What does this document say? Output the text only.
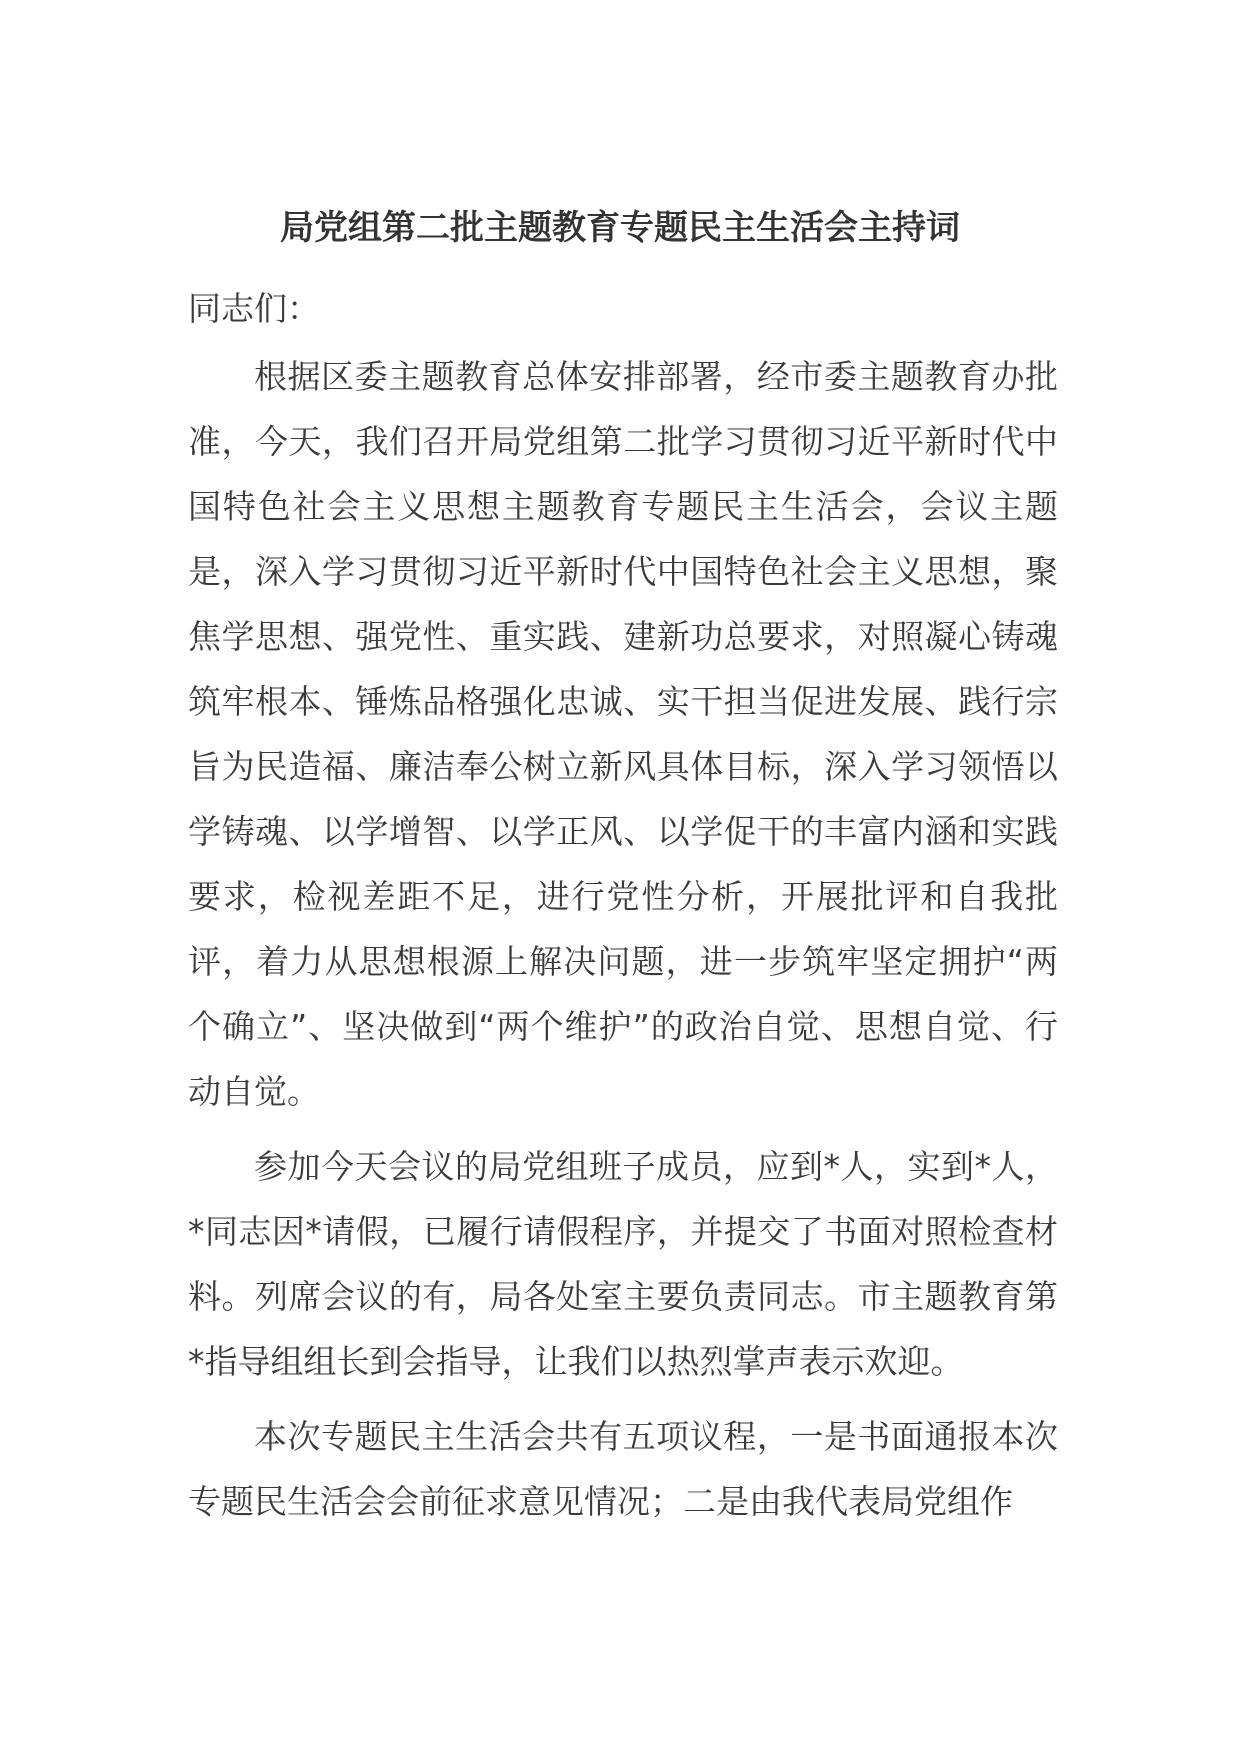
局党组第二批主题教育专题民主生活会主持词
同志们：

根据区委主题教育总体安排部署，经市委主题教育办批准，今天，我们召开局党组第二批学习贯彻习近平新时代中国特色社会主义思想主题教育专题民主生活会，会议主题是，深入学习贯彻习近平新时代中国特色社会主义思想，聚焦学思想、强党性、重实践、建新功总要求，对照凝心铸魂筑牢根本、锤炼品格强化忠诚、实干担当促进发展、践行宗旨为民造福、廉洁奉公树立新风具体目标，深入学习领悟以学铸魂、以学增智、以学正风、以学促干的丰富内涵和实践要求，检视差距不足，进行党性分析，开展批评和自我批评，着力从思想根源上解决问题，进一步筑牢坚定拥护“两个确立”、坚决做到“两个维护”的政治自觉、思想自觉、行动自觉。

参加今天会议的局党组班子成员，应到*人，实到*人，*同志因*请假，已履行请假程序，并提交了书面对照检查材料。列席会议的有，局各处室主要负责同志。市主题教育第*指导组组长到会指导，让我们以热烈掌声表示欢迎。

本次专题民主生活会共有五项议程，一是书面通报本次专题民生活会会前征求意见情况；二是由我代表局党组作
